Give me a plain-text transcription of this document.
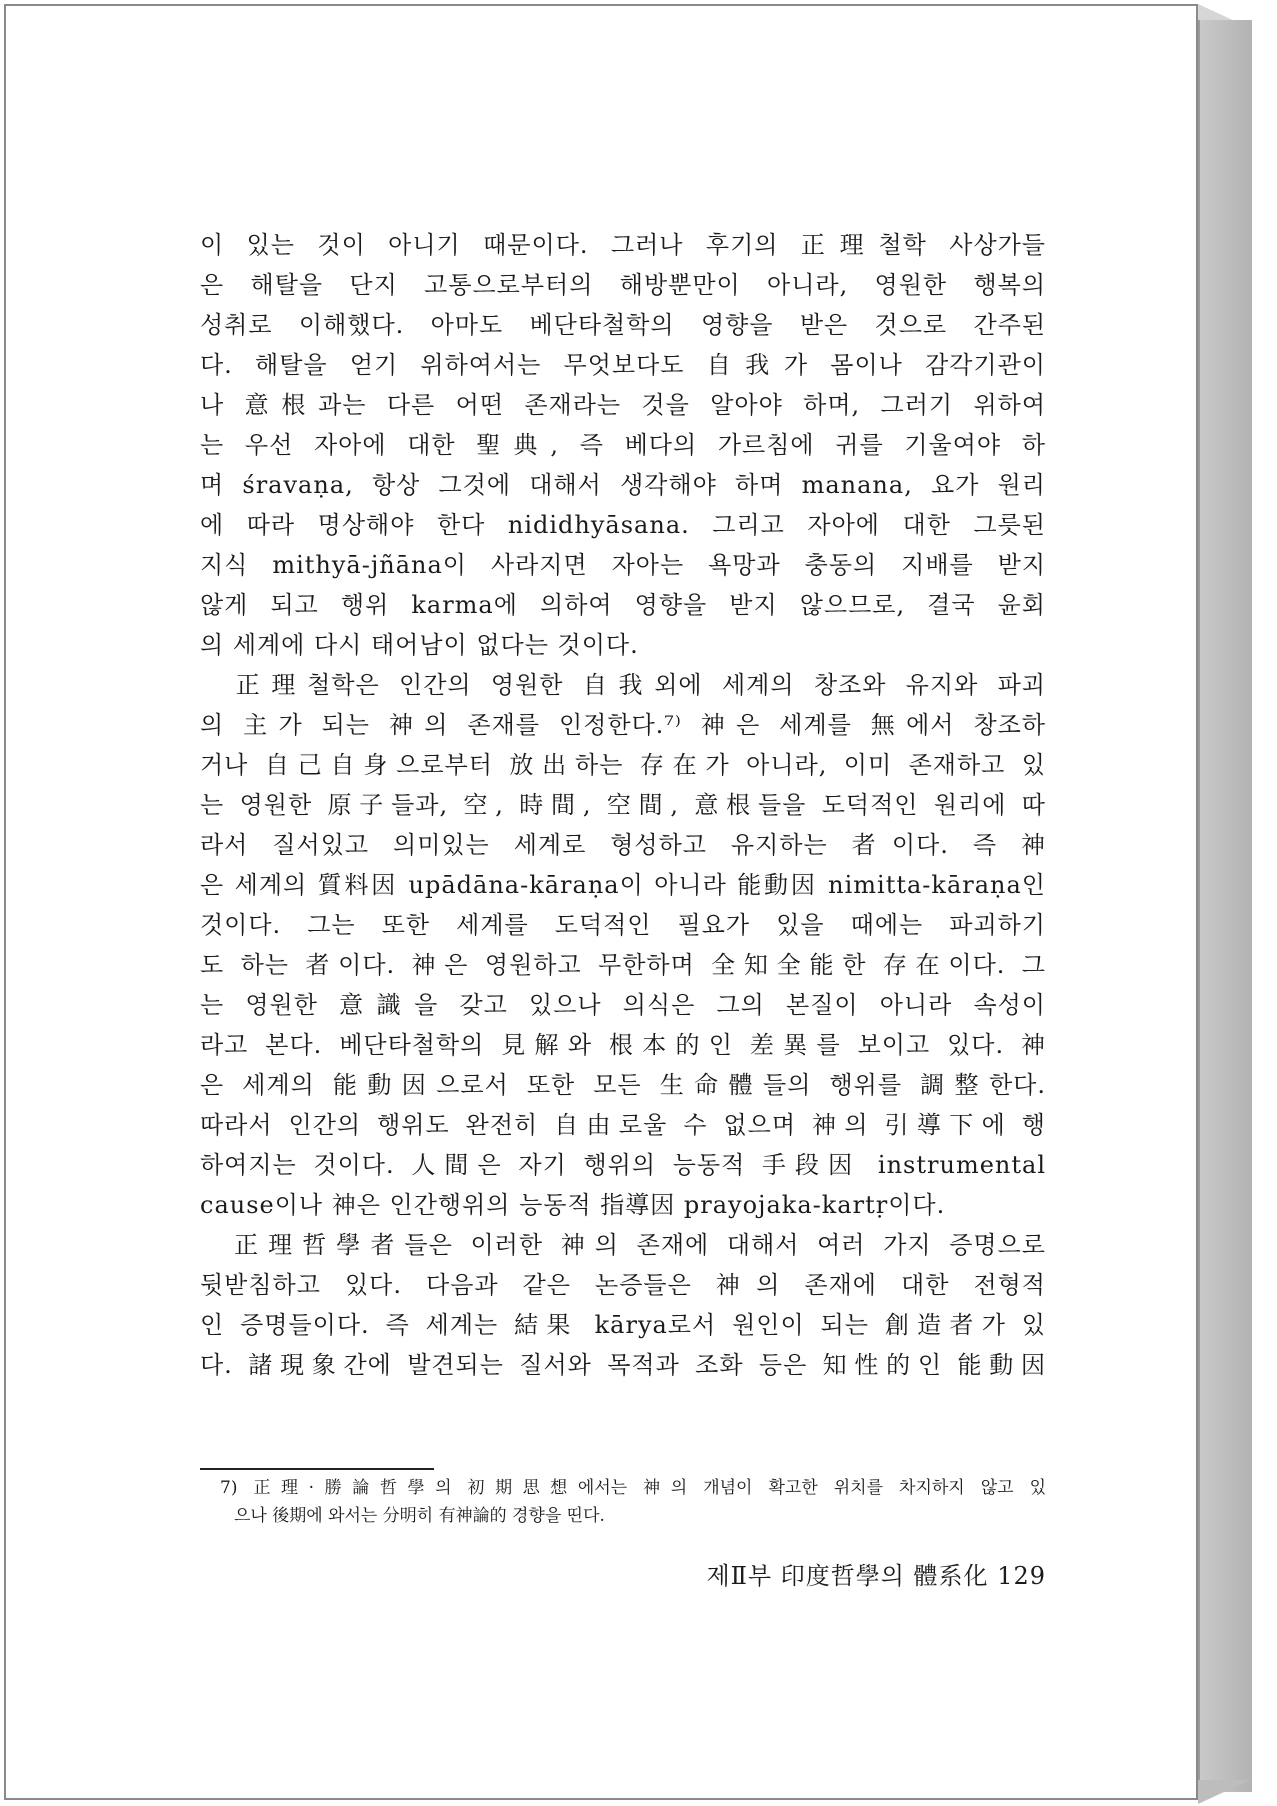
이 있는 것이 아니기 때문이다. 그러나 후기의 正理철학 사상가들
은 해탈을 단지 고통으로부터의 해방뿐만이 아니라, 영원한 행복의
성취로 이해했다. 아마도 베단타철학의 영향을 받은 것으로 간주된
다. 해탈을 얻기 위하여서는 무엇보다도 自我가 몸이나 감각기관이
나 意根과는 다른 어떤 존재라는 것을 알아야 하며, 그러기 위하여
는 우선 자아에 대한 聖典, 즉 베다의 가르침에 귀를 기울여야 하
며 śravaṇa, 항상 그것에 대해서 생각해야 하며 manana, 요가 원리
에 따라 명상해야 한다 nididhyāsana. 그리고 자아에 대한 그릇된
지식 mithyā-jñāna이 사라지면 자아는 욕망과 충동의 지배를 받지
않게 되고 행위 karma에 의하여 영향을 받지 않으므로, 결국 윤회
의 세계에 다시 태어남이 없다는 것이다.
　正理철학은 인간의 영원한 自我외에 세계의 창조와 유지와 파괴
의 主가 되는 神의 존재를 인정한다.⁷⁾ 神은 세계를 無에서 창조하
거나 自己自身으로부터 放出하는 存在가 아니라, 이미 존재하고 있
는 영원한 原子들과, 空, 時間, 空間, 意根들을 도덕적인 원리에 따
라서 질서있고 의미있는 세계로 형성하고 유지하는 者이다. 즉 神
은 세계의 質料因 upādāna-kāraṇa이 아니라 能動因 nimitta-kāraṇa인
것이다. 그는 또한 세계를 도덕적인 필요가 있을 때에는 파괴하기
도 하는 者이다. 神은 영원하고 무한하며 全知全能한 存在이다. 그
는 영원한 意識을 갖고 있으나 의식은 그의 본질이 아니라 속성이
라고 본다. 베단타철학의 見解와 根本的인 差異를 보이고 있다. 神
은 세계의 能動因으로서 또한 모든 生命體들의 행위를 調整한다.
따라서 인간의 행위도 완전히 自由로울 수 없으며 神의 引導下에 행
하여지는 것이다. 人間은 자기 행위의 능동적 手段因 instrumental
cause이나 神은 인간행위의 능동적 指導因 prayojaka-kartṛ이다.
　正理哲學者들은 이러한 神의 존재에 대해서 여러 가지 증명으로
뒷받침하고 있다. 다음과 같은 논증들은 神의 존재에 대한 전형적
인 증명들이다. 즉 세계는 結果 kārya로서 원인이 되는 創造者가 있
다. 諸現象간에 발견되는 질서와 목적과 조화 등은 知性的인 能動因
7) 正理·勝論哲學의 初期思想에서는 神의 개념이 확고한 위치를 차지하지 않고 있
으나 後期에 와서는 分明히 有神論的 경향을 띤다.
제Ⅱ부 印度哲學의 體系化 129
